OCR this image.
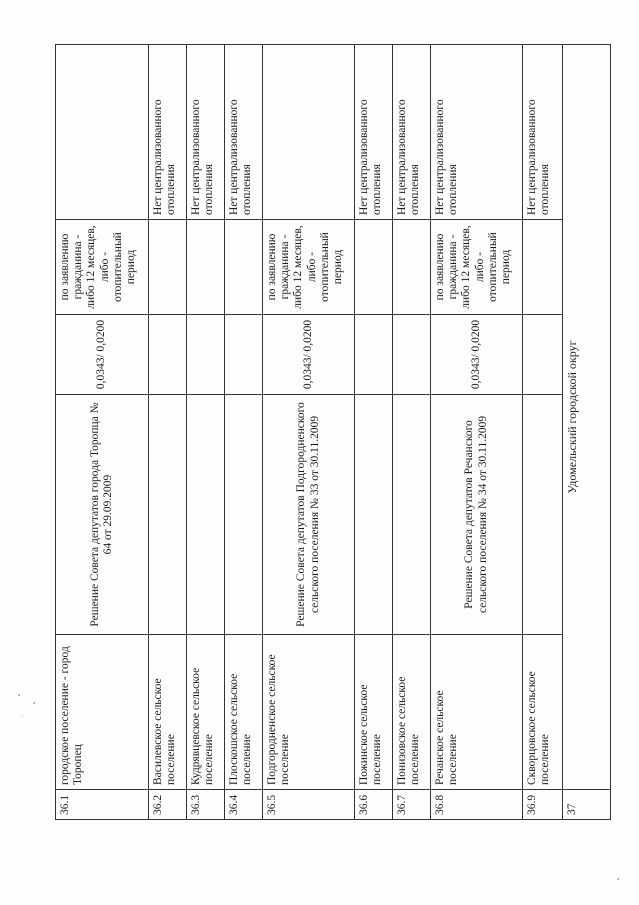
36.1	городское поселение - город Торопец	Решение Совета депутатов города Торопца № 64 от 29.09.2009	0,0343/ 0,0200	по заявлению гражданина - либо 12 месяцев, либо - отопительный период	
36.2	Василевское сельское поселение				Нет централизованного отопления
36.3	Кудрявцевское сельское поселение				Нет централизованного отопления
36.4	Плоскошское сельское поселение				Нет централизованного отопления
36.5	Подгородненское сельское поселение	Решение Совета депутатов Подгородненского сельского поселения № 33 от 30.11.2009	0,0343/ 0,0200	по заявлению гражданина - либо 12 месяцев, либо - отопительный период	
36.6	Пожинское сельское поселение				Нет централизованного отопления
36.7	Понизовское сельское поселение				Нет централизованного отопления
36.8	Речанское сельское поселение	Решение Совета депутатов Речанского сельского поселения № 34 от 30.11.2009	0,0343/ 0,0200	по заявлению гражданина - либо 12 месяцев, либо - отопительный период	Нет централизованного отопления
36.9	Скворцовское сельское поселение				Нет централизованного отопления
37	Удомельский городской округ				
